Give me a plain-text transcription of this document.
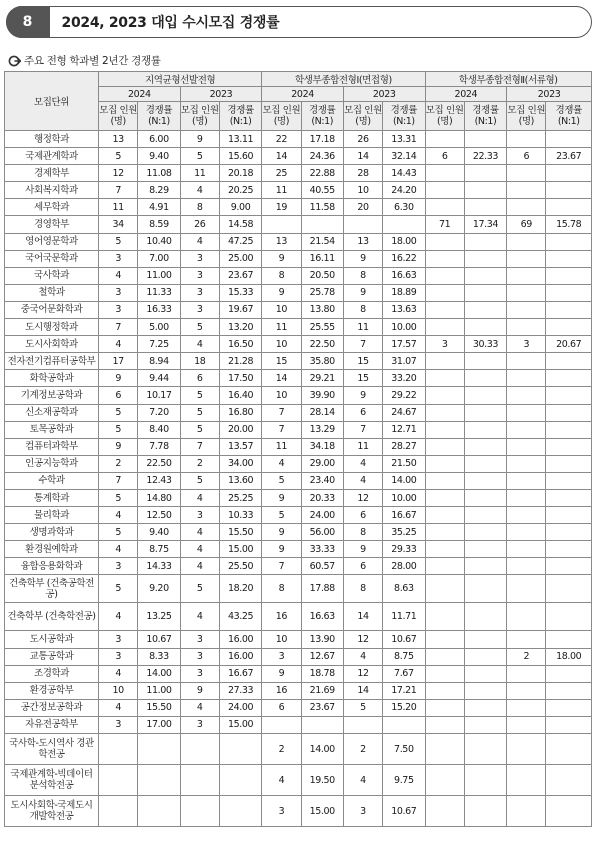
8	2024, 2023 대입 수시모집 경쟁률
주요 전형 학과별 2년간 경쟁률
모집단위	지역균형선발전형				학생부종합전형Ⅰ(면접형)				학생부종합전형Ⅱ(서류형)			
	2024		2023		2024		2023		2024		2023	
	모집 인원(명)	경쟁률 (N:1)	모집 인원(명)	경쟁률 (N:1)	모집 인원(명)	경쟁률 (N:1)	모집 인원(명)	경쟁률 (N:1)	모집 인원(명)	경쟁률 (N:1)	모집 인원(명)	경쟁률 (N:1)
행정학과	13	6.00	9	13.11	22	17.18	26	13.31				
국제관계학과	5	9.40	5	15.60	14	24.36	14	32.14	6	22.33	6	23.67
경제학부	12	11.08	11	20.18	25	22.88	28	14.43				
사회복지학과	7	8.29	4	20.25	11	40.55	10	24.20				
세무학과	11	4.91	8	9.00	19	11.58	20	6.30				
경영학부	34	8.59	26	14.58					71	17.34	69	15.78
영어영문학과	5	10.40	4	47.25	13	21.54	13	18.00				
국어국문학과	3	7.00	3	25.00	9	16.11	9	16.22				
국사학과	4	11.00	3	23.67	8	20.50	8	16.63				
철학과	3	11.33	3	15.33	9	25.78	9	18.89				
중국어문화학과	3	16.33	3	19.67	10	13.80	8	13.63				
도시행정학과	7	5.00	5	13.20	11	25.55	11	10.00				
도시사회학과	4	7.25	4	16.50	10	22.50	7	17.57	3	30.33	3	20.67
전자전기컴퓨터공학부	17	8.94	18	21.28	15	35.80	15	31.07				
화학공학과	9	9.44	6	17.50	14	29.21	15	33.20				
기계정보공학과	6	10.17	5	16.40	10	39.90	9	29.22				
신소재공학과	5	7.20	5	16.80	7	28.14	6	24.67				
토목공학과	5	8.40	5	20.00	7	13.29	7	12.71				
컴퓨터과학부	9	7.78	7	13.57	11	34.18	11	28.27				
인공지능학과	2	22.50	2	34.00	4	29.00	4	21.50				
수학과	7	12.43	5	13.60	5	23.40	4	14.00				
통계학과	5	14.80	4	25.25	9	20.33	12	10.00				
물리학과	4	12.50	3	10.33	5	24.00	6	16.67				
생명과학과	5	9.40	4	15.50	9	56.00	8	35.25				
환경원예학과	4	8.75	4	15.00	9	33.33	9	29.33				
융합응용화학과	3	14.33	4	25.50	7	60.57	6	28.00				
건축학부 (건축공학전공)	5	9.20	5	18.20	8	17.88	8	8.63				
건축학부 (건축학전공)	4	13.25	4	43.25	16	16.63	14	11.71				
도시공학과	3	10.67	3	16.00	10	13.90	12	10.67				
교통공학과	3	8.33	3	16.00	3	12.67	4	8.75			2	18.00
조경학과	4	14.00	3	16.67	9	18.78	12	7.67				
환경공학부	10	11.00	9	27.33	16	21.69	14	17.21				
공간정보공학과	4	15.50	4	24.00	6	23.67	5	15.20				
자유전공학부	3	17.00	3	15.00								
국사학-도시역사 경관학전공					2	14.00	2	7.50				
국제관계학-빅데이터 분석학전공					4	19.50	4	9.75				
도시사회학-국제도시 개발학전공					3	15.00	3	10.67				
